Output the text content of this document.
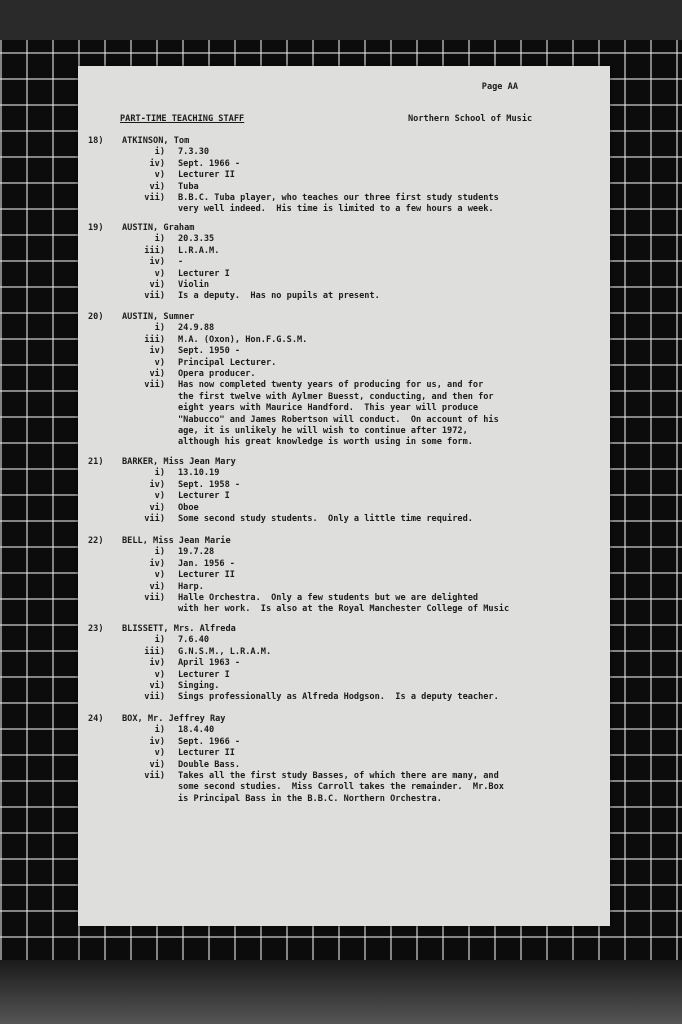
Page AA
PART-TIME TEACHING STAFF	Northern School of Music
18) ATKINSON, Tom
i) 7.3.30
iv) Sept. 1966 -
v) Lecturer II
vi) Tuba
vii) B.B.C. Tuba player, who teaches our three first study students
very well indeed.  His time is limited to a few hours a week.
19) AUSTIN, Graham
i) 20.3.35
iii) L.R.A.M.
iv) -
v) Lecturer I
vi) Violin
vii) Is a deputy.  Has no pupils at present.
20) AUSTIN, Sumner
i) 24.9.88
iii) M.A. (Oxon), Hon.F.G.S.M.
iv) Sept. 1950 -
v) Principal Lecturer.
vi) Opera producer.
vii) Has now completed twenty years of producing for us, and for
the first twelve with Aylmer Buesst, conducting, and then for
eight years with Maurice Handford.  This year will produce
"Nabucco" and James Robertson will conduct.  On account of his
age, it is unlikely he will wish to continue after 1972,
although his great knowledge is worth using in some form.
21) BARKER, Miss Jean Mary
i) 13.10.19
iv) Sept. 1958 -
v) Lecturer I
vi) Oboe
vii) Some second study students.  Only a little time required.
22) BELL, Miss Jean Marie
i) 19.7.28
iv) Jan. 1956 -
v) Lecturer II
vi) Harp.
vii) Halle Orchestra.  Only a few students but we are delighted
with her work.  Is also at the Royal Manchester College of Music
23) BLISSETT, Mrs. Alfreda
i) 7.6.40
iii) G.N.S.M., L.R.A.M.
iv) April 1963 -
v) Lecturer I
vi) Singing.
vii) Sings professionally as Alfreda Hodgson.  Is a deputy teacher.
24) BOX, Mr. Jeffrey Ray
i) 18.4.40
iv) Sept. 1966 -
v) Lecturer II
vi) Double Bass.
vii) Takes all the first study Basses, of which there are many, and
some second studies.  Miss Carroll takes the remainder.  Mr.Box
is Principal Bass in the B.B.C. Northern Orchestra.
